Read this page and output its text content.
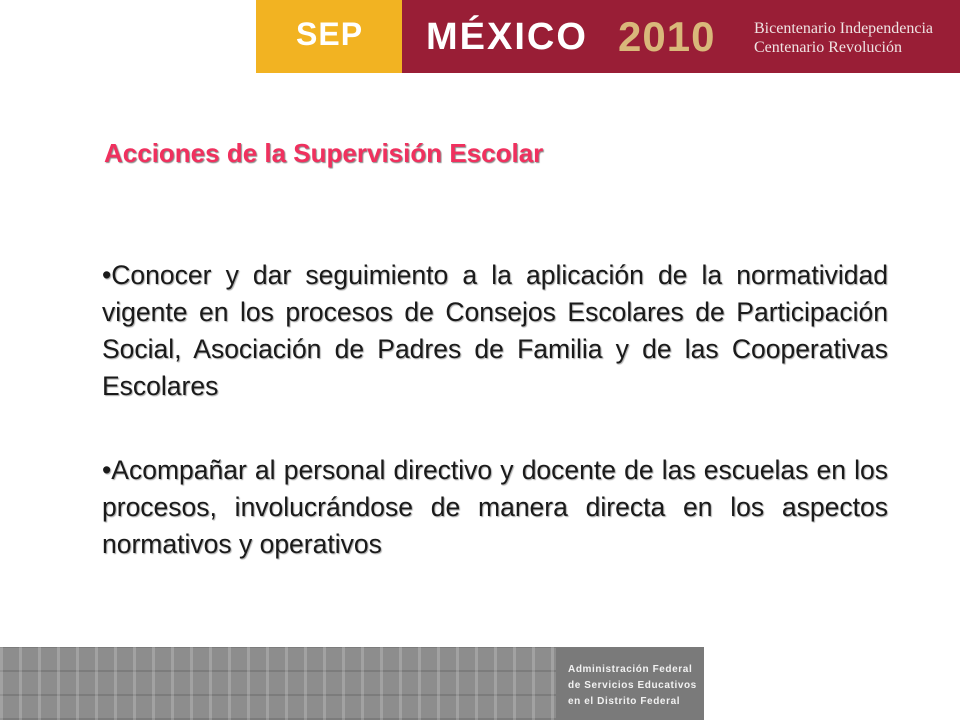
SEP MÉXICO 2010 Bicentenario Independencia
Centenario Revolución
Acciones de la Supervisión Escolar
•Conocer y dar seguimiento a la aplicación de la normatividad vigente en los procesos de Consejos Escolares de Participación Social, Asociación de Padres de Familia y de las Cooperativas Escolares
•Acompañar al personal directivo y docente de las escuelas en los procesos, involucrándose de manera directa en los aspectos normativos y operativos
Administración Federal
de Servicios Educativos
en el Distrito Federal
